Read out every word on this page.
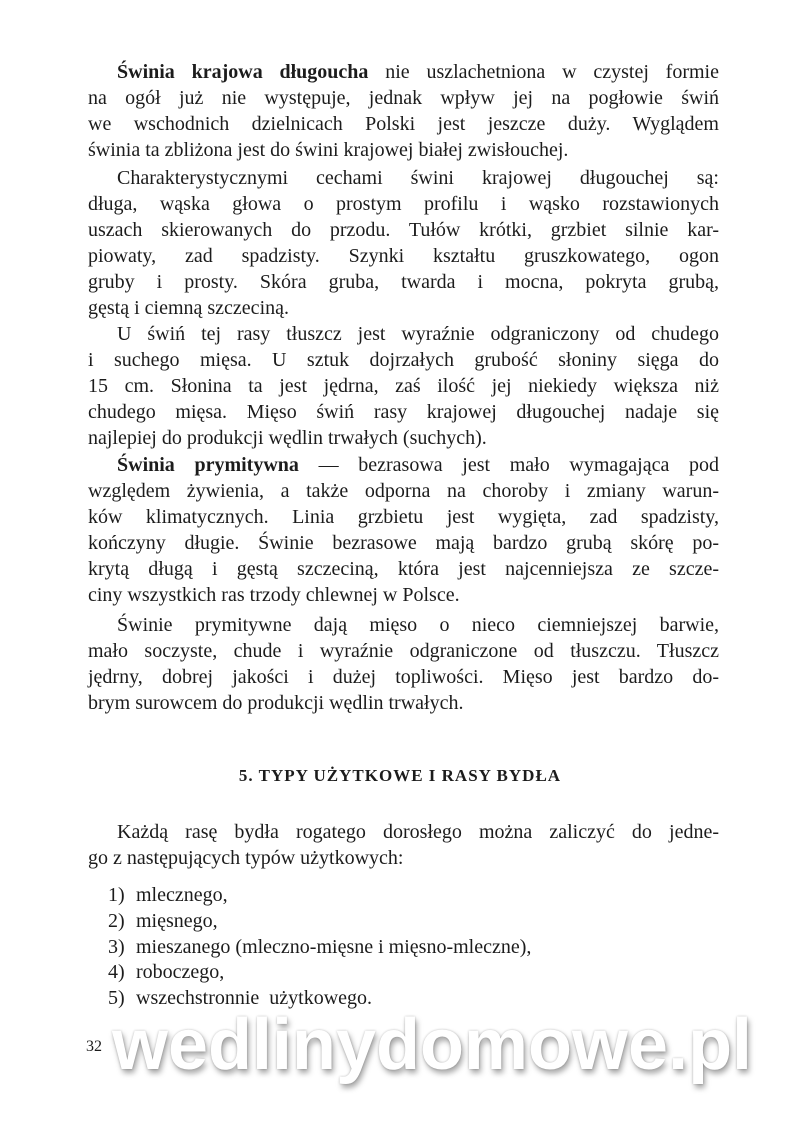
5. TYPY UŻYTKOWE I RASY BYDŁA
1) mlecznego,
2) mięsnego,
3) mieszanego (mleczno-mięsne i mięsno-mleczne),
4) roboczego,
5) wszechstronnie  użytkowego.
32 wedlinydomowe.pl
Świnia krajowa długoucha nie uszlachetniona w czystej formie
na ogół już nie występuje, jednak wpływ jej na pogłowie świń
we wschodnich dzielnicach Polski jest jeszcze duży. Wyglądem
świnia ta zbliżona jest do świni krajowej białej zwisłouchej.
Charakterystycznymi cechami świni krajowej długouchej są:
długa, wąska głowa o prostym profilu i wąsko rozstawionych
uszach skierowanych do przodu. Tułów krótki, grzbiet silnie kar-
piowaty, zad spadzisty. Szynki kształtu gruszkowatego, ogon
gruby i prosty. Skóra gruba, twarda i mocna, pokryta grubą,
gęstą i ciemną szczeciną.
U świń tej rasy tłuszcz jest wyraźnie odgraniczony od chudego
i suchego mięsa. U sztuk dojrzałych grubość słoniny sięga do
15 cm. Słonina ta jest jędrna, zaś ilość jej niekiedy większa niż
chudego mięsa. Mięso świń rasy krajowej długouchej nadaje się
najlepiej do produkcji wędlin trwałych (suchych).
Świnia prymitywna — bezrasowa jest mało wymagająca pod
względem żywienia, a także odporna na choroby i zmiany warun-
ków klimatycznych. Linia grzbietu jest wygięta, zad spadzisty,
kończyny długie. Świnie bezrasowe mają bardzo grubą skórę po-
krytą długą i gęstą szczeciną, która jest najcenniejsza ze szcze-
ciny wszystkich ras trzody chlewnej w Polsce.
Świnie prymitywne dają mięso o nieco ciemniejszej barwie,
mało soczyste, chude i wyraźnie odgraniczone od tłuszczu. Tłuszcz
jędrny, dobrej jakości i dużej topliwości. Mięso jest bardzo do-
brym surowcem do produkcji wędlin trwałych.
Każdą rasę bydła rogatego dorosłego można zaliczyć do jedne-
go z następujących typów użytkowych:
